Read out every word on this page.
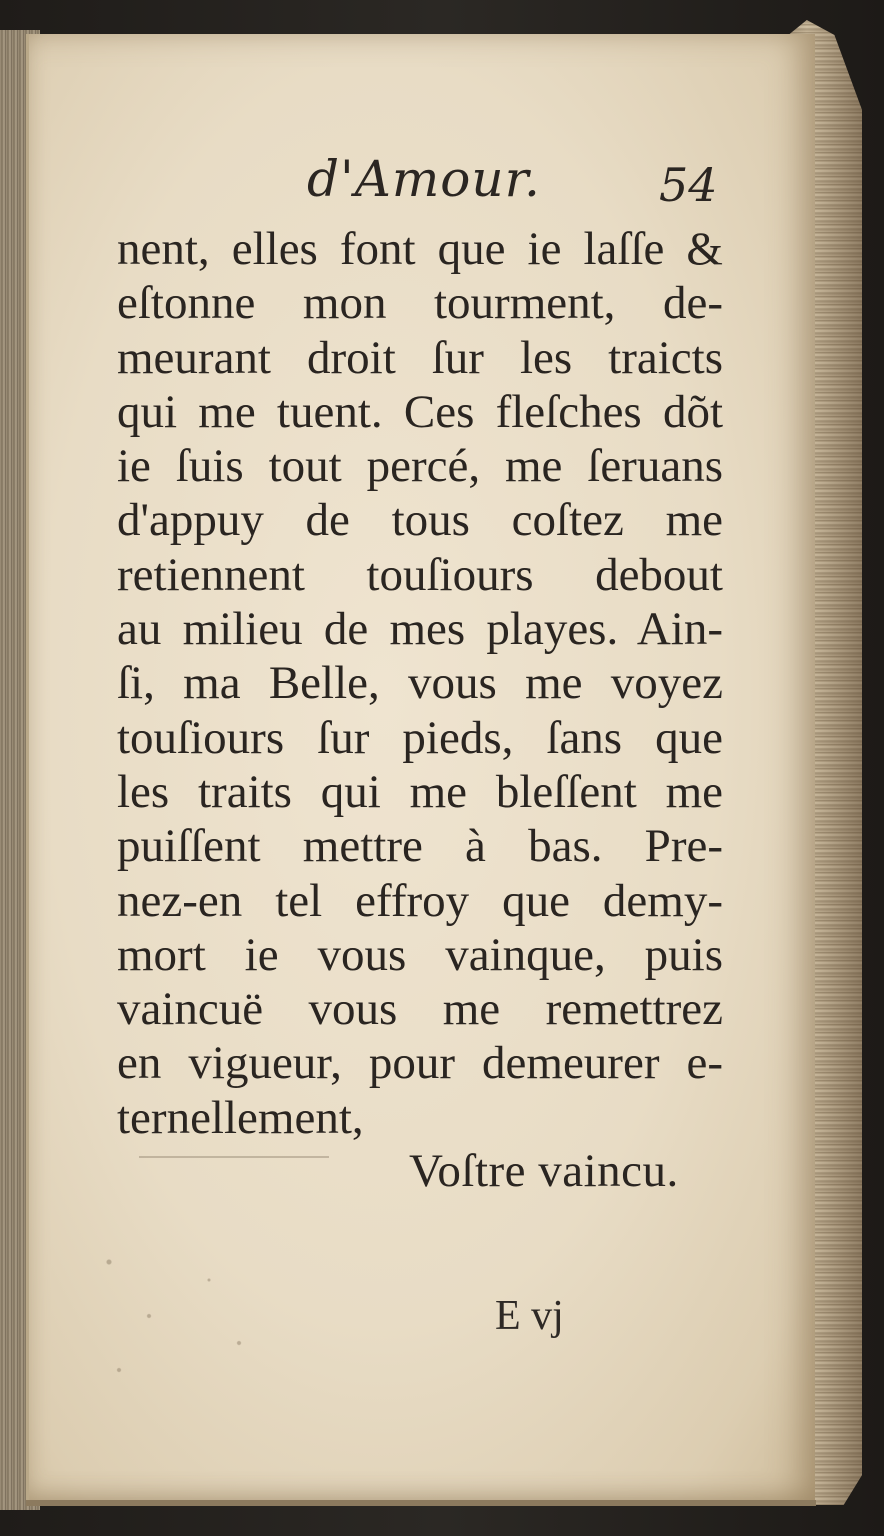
d'Amour.	54
nent, elles font que ie laſſe &
eſtonne mon tourment, de-
meurant droit ſur les traicts
qui me tuent. Ces fleſches dõt
ie ſuis tout percé, me ſeruans
d'appuy de tous coſtez me
retiennent touſiours debout
au milieu de mes playes. Ain-
ſi, ma Belle, vous me voyez
touſiours ſur pieds, ſans que
les traits qui me bleſſent me
puiſſent mettre à bas. Pre-
nez-en tel effroy que demy-
mort ie vous vainque, puis
vaincuë vous me remettrez
en vigueur, pour demeurer e-
ternellement,
Voſtre vaincu.
E vj
